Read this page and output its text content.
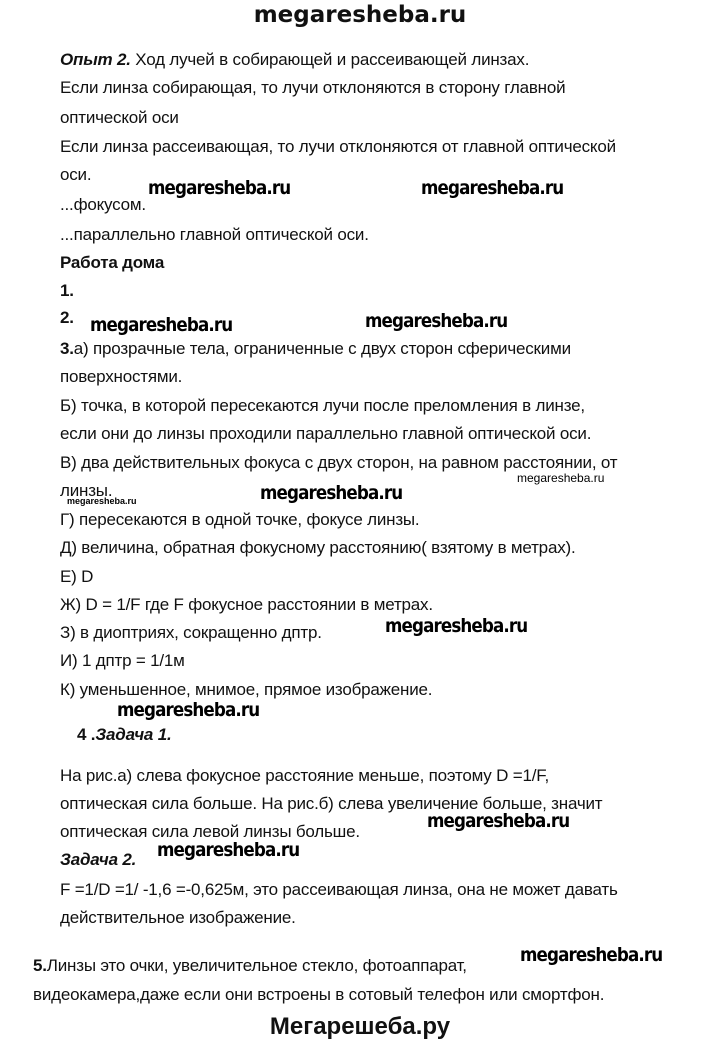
megaresheba.ru
Опыт 2. Ход лучей в собирающей и рассеивающей линзах.
Если линза собирающая, то лучи отклоняются в сторону главной
оптической оси
Если линза рассеивающая, то лучи отклоняются от главной оптической
оси.
...фокусом.
...параллельно главной оптической оси.
Работа дома
1.
2.
3.а) прозрачные тела, ограниченные с двух сторон сферическими
поверхностями.
Б) точка, в которой пересекаются лучи после преломления в линзе,
если они до линзы проходили параллельно главной оптической оси.
В) два действительных фокуса с двух сторон, на равном расстоянии, от
линзы.
Г) пересекаются в одной точке, фокусе линзы.
Д) величина, обратная фокусному расстоянию( взятому в метрах).
Е) D
Ж) D = 1/F где F фокусное расстоянии в метрах.
З) в диоптриях, сокращенно дптр.
И) 1 дптр = 1/1м
К) уменьшенное, мнимое, прямое изображение.
4 .Задача 1.
На рис.а) слева фокусное расстояние меньше, поэтому D =1/F,
оптическая сила больше. На рис.б) слева увеличение больше, значит
оптическая сила левой линзы больше.
Задача 2.
F =1/D =1/ -1,6 =-0,625м, это рассеивающая линза, она не может давать
действительное изображение.
5.Линзы это очки, увеличительное стекло, фотоаппарат,
видеокамера,даже если они встроены в сотовый телефон или смортфон.
Мегарешеба.ру
megaresheba.ru	megaresheba.ru
megaresheba.ru	megaresheba.ru
megaresheba.ru
megaresheba.ru
megaresheba.ru
megaresheba.ru
megaresheba.ru
megaresheba.ru
megaresheba.ru
megaresheba.ru
